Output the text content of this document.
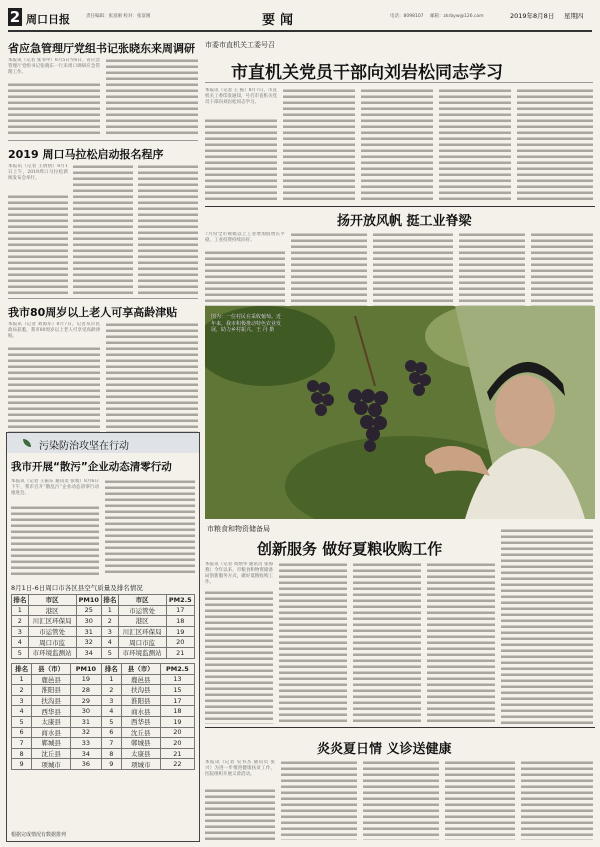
2 周口日报	责任编辑：张富刚 校对：张富刚	要闻	电话：8098107 邮箱：zkrbyw@126.com	2019年8月8日 星期四
省应急管理厅党组书记张晓东来周调研
本报讯（记者 张书中）8月5日至6日，省应急管理厅党组书记张晓东一行来周口调研应急管理工作。
2019 周口马拉松启动报名程序
本报讯（记者 王倩倩）8月1日上午，2019周口马拉松新闻发布会举行。
我市80周岁以上老人可享高龄津贴
本报讯（记者 刘海军）8月7日，记者从市民政局获悉，我市80周岁以上老人可享受高龄津贴。
污染防治攻坚在行动
我市开展“散污”企业动态清零行动
本报讯（记者 王振东 通讯员 张娟）8月6日下午，我市召开“散乱污”企业动态清零行动推进会。
8月1日-6日周口市各区县空气质量及排名情况
排名	市区	PM10	排名	市区	PM2.5
1	港区	25	1	市运管处	17
2	川汇区环保局	30	2	港区	18
3	市运管处	31	3	川汇区环保局	19
4	周口市监	32	4	周口市监	20
5	市环境监测站	34	5	市环境监测站	21
排名	县（市）	PM10	排名	县（市）	PM2.5
1	鹿邑县	19	1	鹿邑县	13
2	淮阳县	28	2	扶沟县	15
3	扶沟县	29	3	淮阳县	17
4	西华县	30	4	商水县	18
5	太康县	31	5	西华县	19
6	商水县	32	6	沈丘县	20
7	郸城县	33	7	郸城县	20
8	沈丘县	34	8	太康县	21
9	项城市	36	9	项城市	22
根据完成情况有数据排列
市委市直机关工委号召
市直机关党员干部向刘岩松同志学习
本报讯（记者 王 振）8月7日，市直机关工委印发通知，号召市直机关党员干部向刘岩松同志学习。
扬开放风帆 挺工业脊梁
7月份全市规模以上工业增加值增长平稳，工业投资持续向好。
图为：一位村民在采收葡萄。近年来，我市积极推动特色农业发展，助力乡村振兴。王 丹 摄
市粮食和物资储备局
创新服务 做好夏粮收购工作
本报讯（记者 周炳华 通讯员 张海燕）今年以来，市粮食和物资储备局创新服务方式，做好夏粮收购工作。
炎炎夏日情 义诊送健康
本报讯（记者 史书杰 通讯员 张 兴）为进一步推进健康扶贫工作，医院组织开展义诊活动。
